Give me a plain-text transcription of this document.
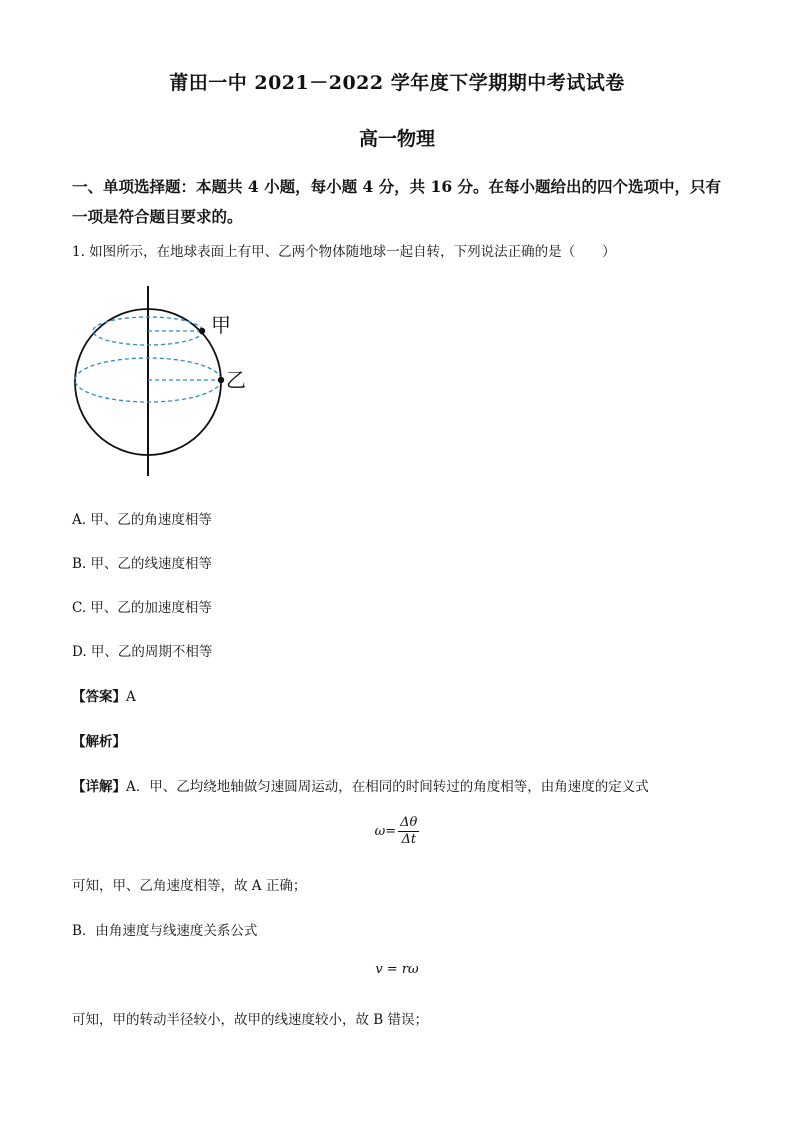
莆田一中 2021－2022 学年度下学期期中考试试卷
高一物理
一、单项选择题：本题共 4 小题，每小题 4 分，共 16 分。在每小题给出的四个选项中，只有一项是符合题目要求的。
1. 如图所示，在地球表面上有甲、乙两个物体随地球一起自转，下列说法正确的是（　　）
甲
乙
A. 甲、乙的角速度相等
B. 甲、乙的线速度相等
C. 甲、乙的加速度相等
D. 甲、乙的周期不相等
【答案】A
【解析】
【详解】A．甲、乙均绕地轴做匀速圆周运动，在相同的时间转过的角度相等，由角速度的定义式
$\omega= \frac{\Delta\theta}{\Delta t}$
可知，甲、乙角速度相等，故 A 正确；
B．由角速度与线速度关系公式
v = rω
可知，甲的转动半径较小，故甲的线速度较小，故 B 错误；
